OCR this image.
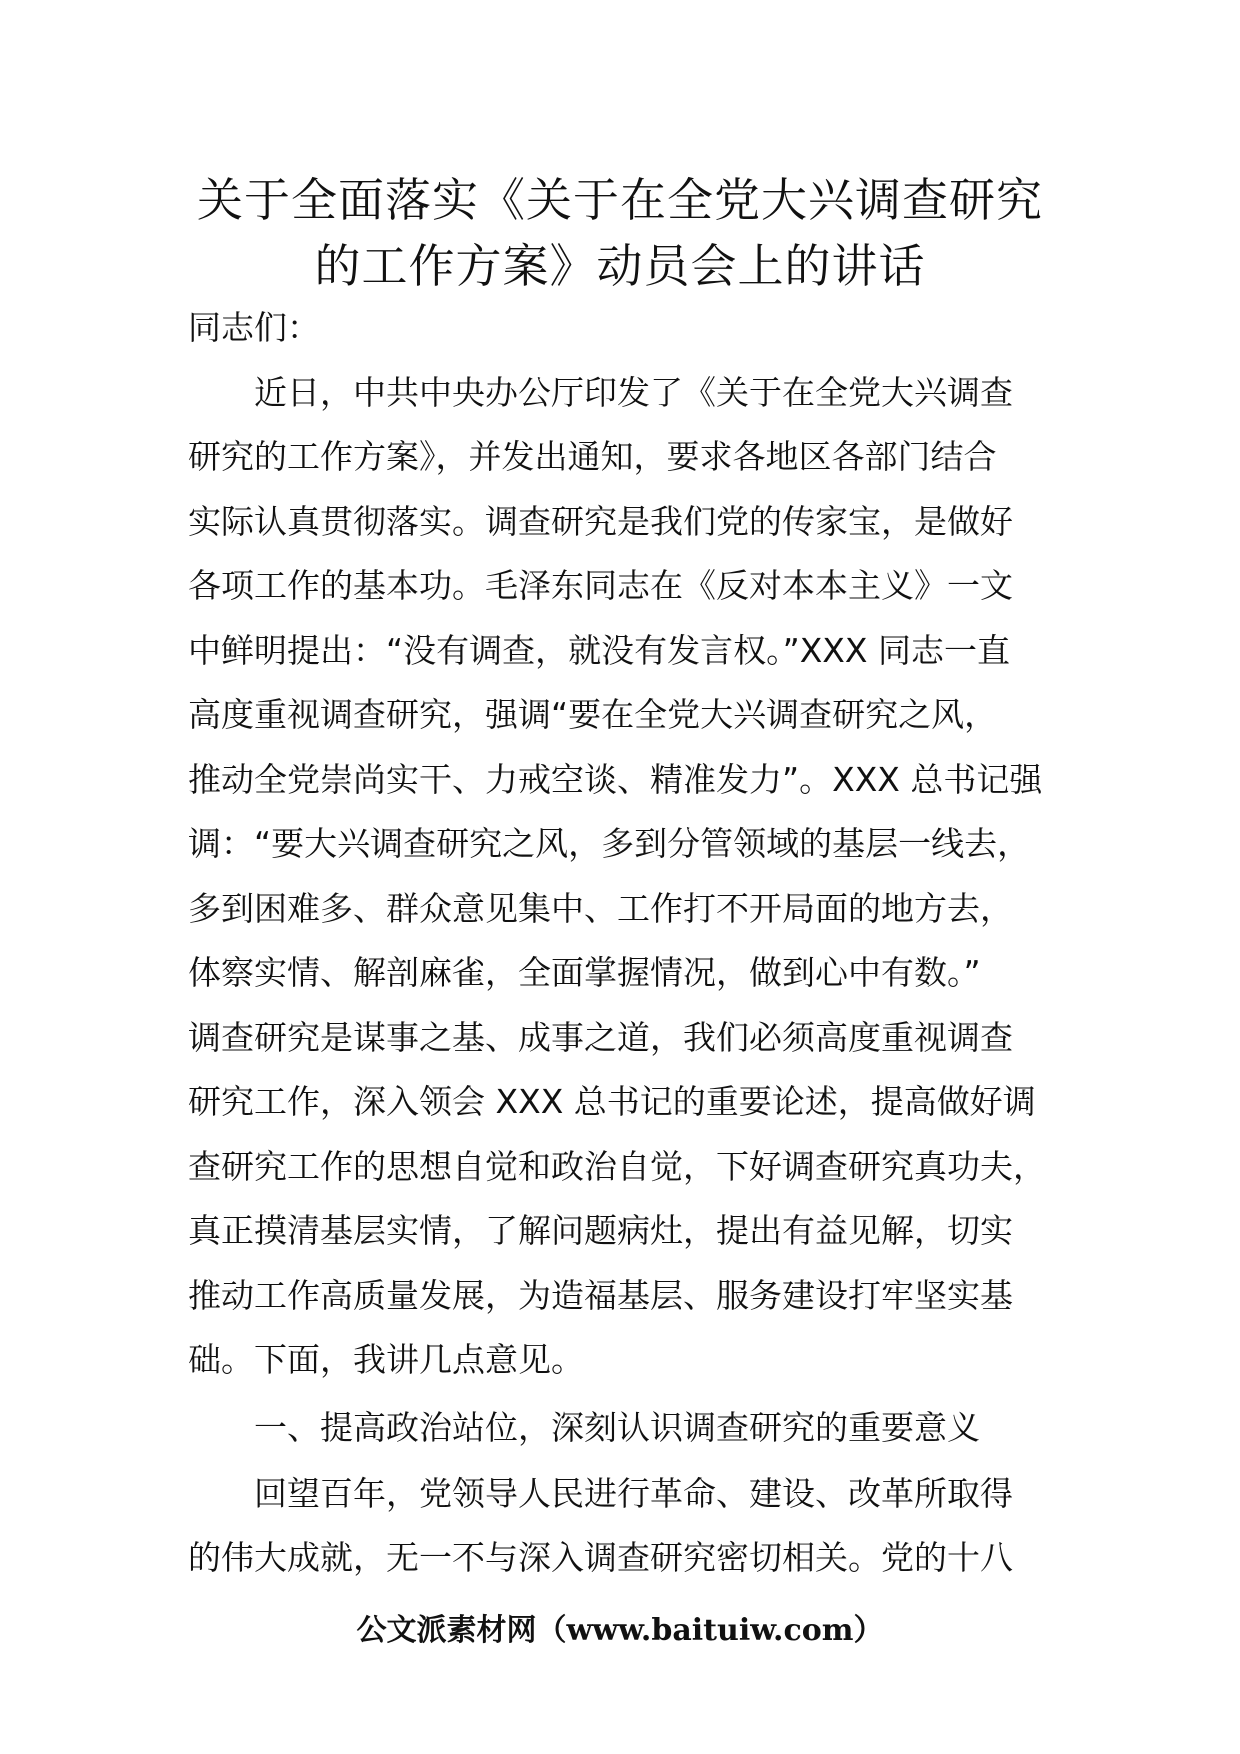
关于全面落实《关于在全党大兴调查研究
的工作方案》动员会上的讲话
同志们：
近日，中共中央办公厅印发了《关于在全党大兴调查
研究的工作方案》，并发出通知，要求各地区各部门结合
实际认真贯彻落实。调查研究是我们党的传家宝，是做好
各项工作的基本功。毛泽东同志在《反对本本主义》一文
中鲜明提出：“没有调查，就没有发言权。”XXX 同志一直
高度重视调查研究，强调“要在全党大兴调查研究之风，
推动全党崇尚实干、力戒空谈、精准发力”。XXX 总书记强
调：“要大兴调查研究之风，多到分管领域的基层一线去，
多到困难多、群众意见集中、工作打不开局面的地方去，
体察实情、解剖麻雀，全面掌握情况，做到心中有数。”
调查研究是谋事之基、成事之道，我们必须高度重视调查
研究工作，深入领会 XXX 总书记的重要论述，提高做好调
查研究工作的思想自觉和政治自觉，下好调查研究真功夫，
真正摸清基层实情，了解问题病灶，提出有益见解，切实
推动工作高质量发展，为造福基层、服务建设打牢坚实基
础。下面，我讲几点意见。
一、提高政治站位，深刻认识调查研究的重要意义
回望百年，党领导人民进行革命、建设、改革所取得
的伟大成就，无一不与深入调查研究密切相关。党的十八
公文派素材网（www.baituiw.com）
